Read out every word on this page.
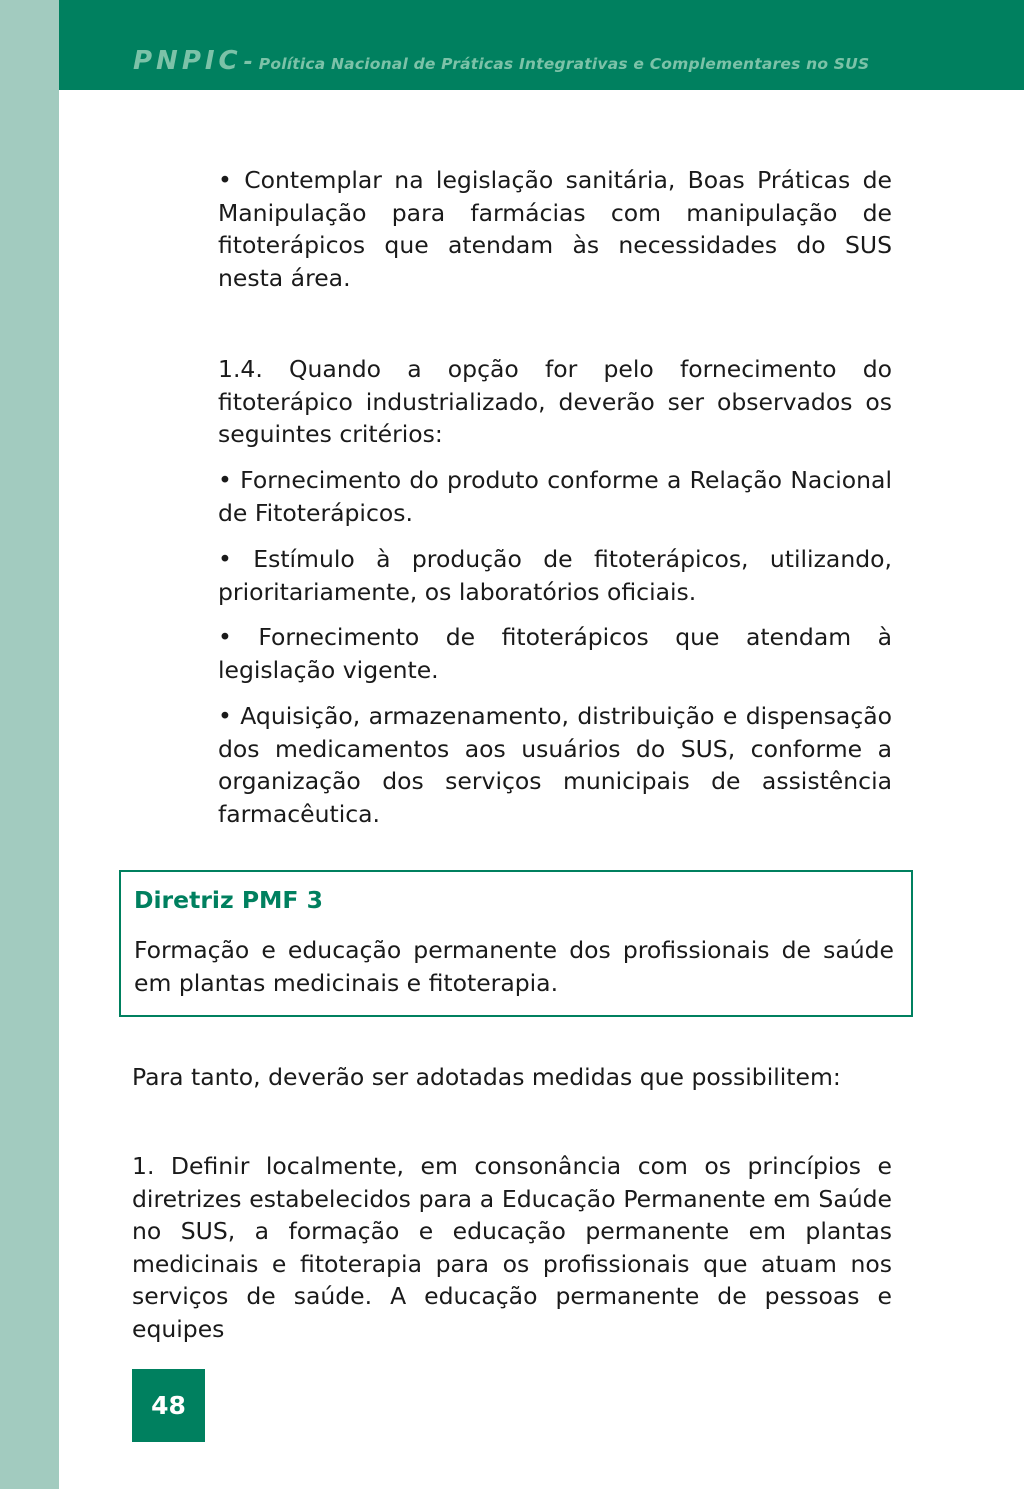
PNPIC- Política Nacional de Práticas Integrativas e Complementares no SUS

• Contemplar na legislação sanitária, Boas Práticas de Manipulação para farmácias com manipulação de fitoterápicos que atendam às necessidades do SUS nesta área.

1.4. Quando a opção for pelo fornecimento do fitoterápico industrializado, deverão ser observados os seguintes critérios:

• Fornecimento do produto conforme a Relação Nacional de Fitoterápicos.

• Estímulo à produção de fitoterápicos, utilizando, prioritariamente, os laboratórios oficiais.

• Fornecimento de fitoterápicos que atendam à legislação vigente.

• Aquisição, armazenamento, distribuição e dispensação dos medicamentos aos usuários do SUS, conforme a organização dos serviços municipais de assistência farmacêutica.

Diretriz PMF 3

Formação e educação permanente dos profissionais de saúde em plantas medicinais e fitoterapia.

Para tanto, deverão ser adotadas medidas que possibilitem:

1. Definir localmente, em consonância com os princípios e diretrizes estabelecidos para a Educação Permanente em Saúde no SUS, a formação e educação permanente em plantas medicinais e fitoterapia para os profissionais que atuam nos serviços de saúde. A educação permanente de pessoas e equipes

48
